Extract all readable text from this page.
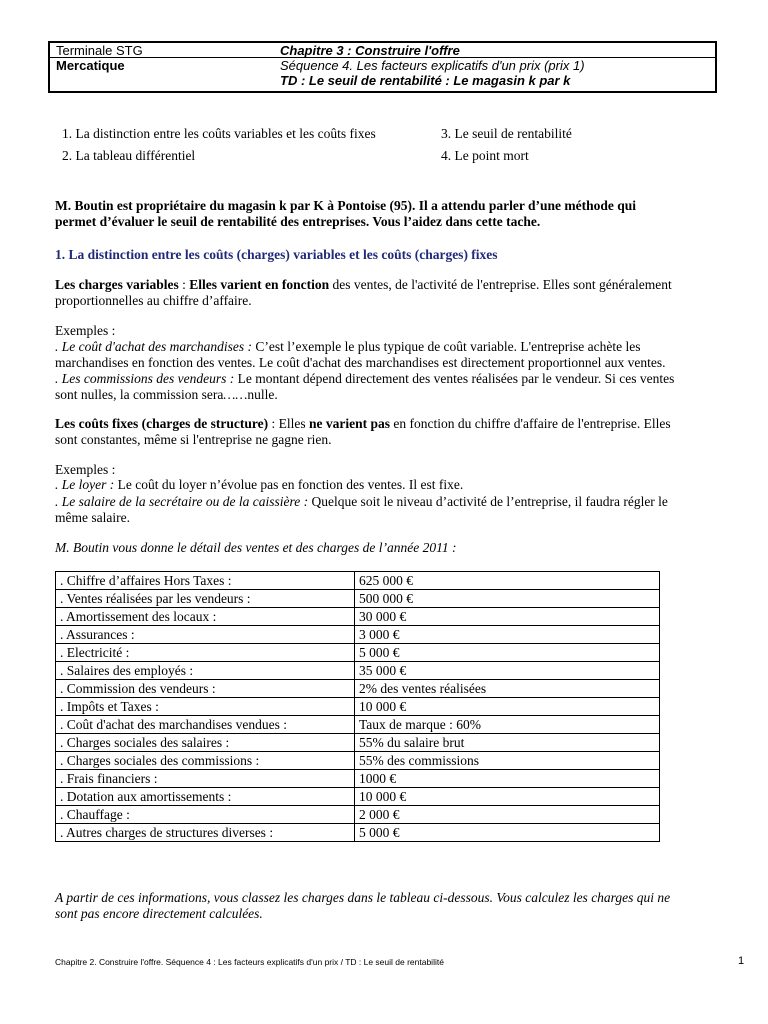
Terminale STG	Chapitre 3 : Construire l'offre
Mercatique	Séquence 4. Les facteurs explicatifs d'un prix (prix 1)
TD : Le seuil de rentabilité : Le magasin k par k
1. La distinction entre les coûts variables et les coûts fixes
2. La tableau différentiel
3. Le seuil de rentabilité
4. Le point mort
M. Boutin est propriétaire du magasin k par K à Pontoise (95). Il a attendu parler d’une méthode qui
permet d’évaluer le seuil de rentabilité des entreprises. Vous l’aidez dans cette tache.
1. La distinction entre les coûts (charges) variables et les coûts (charges) fixes
Les charges variables : Elles varient en fonction des ventes, de l'activité de l'entreprise. Elles sont généralement
proportionnelles au chiffre d’affaire.
Exemples :
. Le coût d'achat des marchandises : C’est l’exemple le plus typique de coût variable. L'entreprise achète les
marchandises en fonction des ventes. Le coût d'achat des marchandises est directement proportionnel aux ventes.
. Les commissions des vendeurs : Le montant dépend directement des ventes réalisées par le vendeur. Si ces ventes
sont nulles, la commission sera……nulle.
Les coûts fixes (charges de structure) : Elles ne varient pas en fonction du chiffre d'affaire de l'entreprise. Elles
sont constantes, même si l'entreprise ne gagne rien.
Exemples :
. Le loyer : Le coût du loyer n’évolue pas en fonction des ventes. Il est fixe.
. Le salaire de la secrétaire ou de la caissière : Quelque soit le niveau d’activité de l’entreprise, il faudra régler le
même salaire.
M. Boutin vous donne le détail des ventes et des charges de l’année 2011 :
. Chiffre d’affaires Hors Taxes :	625 000 €
. Ventes réalisées par les vendeurs :	500 000 €
. Amortissement des locaux :	30 000 €
. Assurances :	3 000 €
. Electricité :	5 000 €
. Salaires des employés :	35 000 €
. Commission des vendeurs :	2% des ventes réalisées
. Impôts et Taxes :	10 000 €
. Coût d'achat des marchandises vendues :	Taux de marque : 60%
. Charges sociales des salaires :	55% du salaire brut
. Charges sociales des commissions :	55% des commissions
. Frais financiers :	1000 €
. Dotation aux amortissements :	10 000 €
. Chauffage :	2 000 €
. Autres charges de structures diverses :	5 000 €
A partir de ces informations, vous classez les charges dans le tableau ci-dessous. Vous calculez les charges qui ne
sont pas encore directement calculées.
Chapitre 2. Construire l'offre. Séquence 4 : Les facteurs explicatifs d'un prix / TD : Le seuil de rentabilité	1
